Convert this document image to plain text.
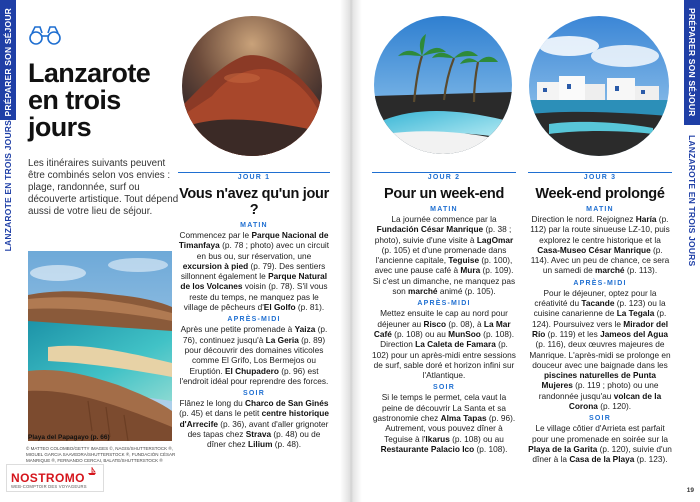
PRÉPARER SON SÉJOUR
LANZAROTE EN TROIS JOURS
Lanzarote
en trois
jours

Les itinéraires suivants peuvent être combinés selon vos envies : plage, randonnée, surf ou découverte artistique. Tout dépend aussi de votre lieu de séjour.

Playa del Papagayo (p. 66)
© MATTEO COLOMBO/GETTY IMAGES ©, NAGIS/SHUTTERSTOCK ®, MIGUEL GARCIA SAAVEDRA/SHUTTERSTOCK ®, FUNDACIÓN CÉSAR MANRIQUE ®, FERNANDO CERCAI, BALATE/SHUTTERSTOCK ®
NOSTROMO
WEB-COMPTOIR DES VOYAGEURS
PRÉPARER SON SÉJOUR
LANZAROTE EN TROIS JOURS
19
JOUR 1
Vous n'avez qu'un jour ?
MATIN
Commencez par le Parque Nacional de Timanfaya (p. 78 ; photo) avec un circuit en bus ou, sur réservation, une excursion à pied (p. 79). Des sentiers sillonnent également le Parque Natural de los Volcanes voisin (p. 78). S'il vous reste du temps, ne manquez pas le village de pêcheurs d'El Golfo (p. 81).
APRÈS-MIDI
Après une petite promenade à Yaiza (p. 76), continuez jusqu'à La Geria (p. 89) pour découvrir des domaines viticoles comme El Grifo, Los Bermejos ou Eruptión. El Chupadero (p. 96) est l'endroit idéal pour reprendre des forces.
SOIR
Flânez le long du Charco de San Ginés (p. 45) et dans le petit centre historique d'Arrecife (p. 36), avant d'aller grignoter des tapas chez Strava (p. 48) ou de dîner chez Lilium (p. 48).
JOUR 2
Pour un week-end
MATIN
La journée commence par la Fundación César Manrique (p. 38 ; photo), suivie d'une visite à LagOmar (p. 105) et d'une promenade dans l'ancienne capitale, Teguise (p. 100), avec une pause café à Mura (p. 109). Si c'est un dimanche, ne manquez pas son marché animé (p. 105).
APRÈS-MIDI
Mettez ensuite le cap au nord pour déjeuner au Risco (p. 08), à La Mar Café (p. 108) ou au MunSoo (p. 108). Direction La Caleta de Famara (p. 102) pour un après-midi entre sessions de surf, sable doré et horizon infini sur l'Atlantique.
SOIR
Si le temps le permet, cela vaut la peine de découvrir La Santa et sa gastronomie chez Alma Tapas (p. 96). Autrement, vous pouvez dîner à Teguise à l'Ikarus (p. 108) ou au Restaurante Palacio Ico (p. 108).
JOUR 3
Week-end prolongé
MATIN
Direction le nord. Rejoignez Haría (p. 112) par la route sinueuse LZ-10, puis explorez le centre historique et la Casa-Museo César Manrique (p. 114). Avec un peu de chance, ce sera un samedi de marché (p. 113).
APRÈS-MIDI
Pour le déjeuner, optez pour la créativité du Tacande (p. 123) ou la cuisine canarienne de La Tegala (p. 124). Poursuivez vers le Mirador del Río (p. 119) et les Jameos del Agua (p. 116), deux œuvres majeures de Manrique. L'après-midi se prolonge en douceur avec une baignade dans les piscines naturelles de Punta Mujeres (p. 119 ; photo) ou une randonnée jusqu'au volcan de la Corona (p. 120).
SOIR
Le village côtier d'Arrieta est parfait pour une promenade en soirée sur la Playa de la Garita (p. 120), suivie d'un dîner à la Casa de la Playa (p. 123).
